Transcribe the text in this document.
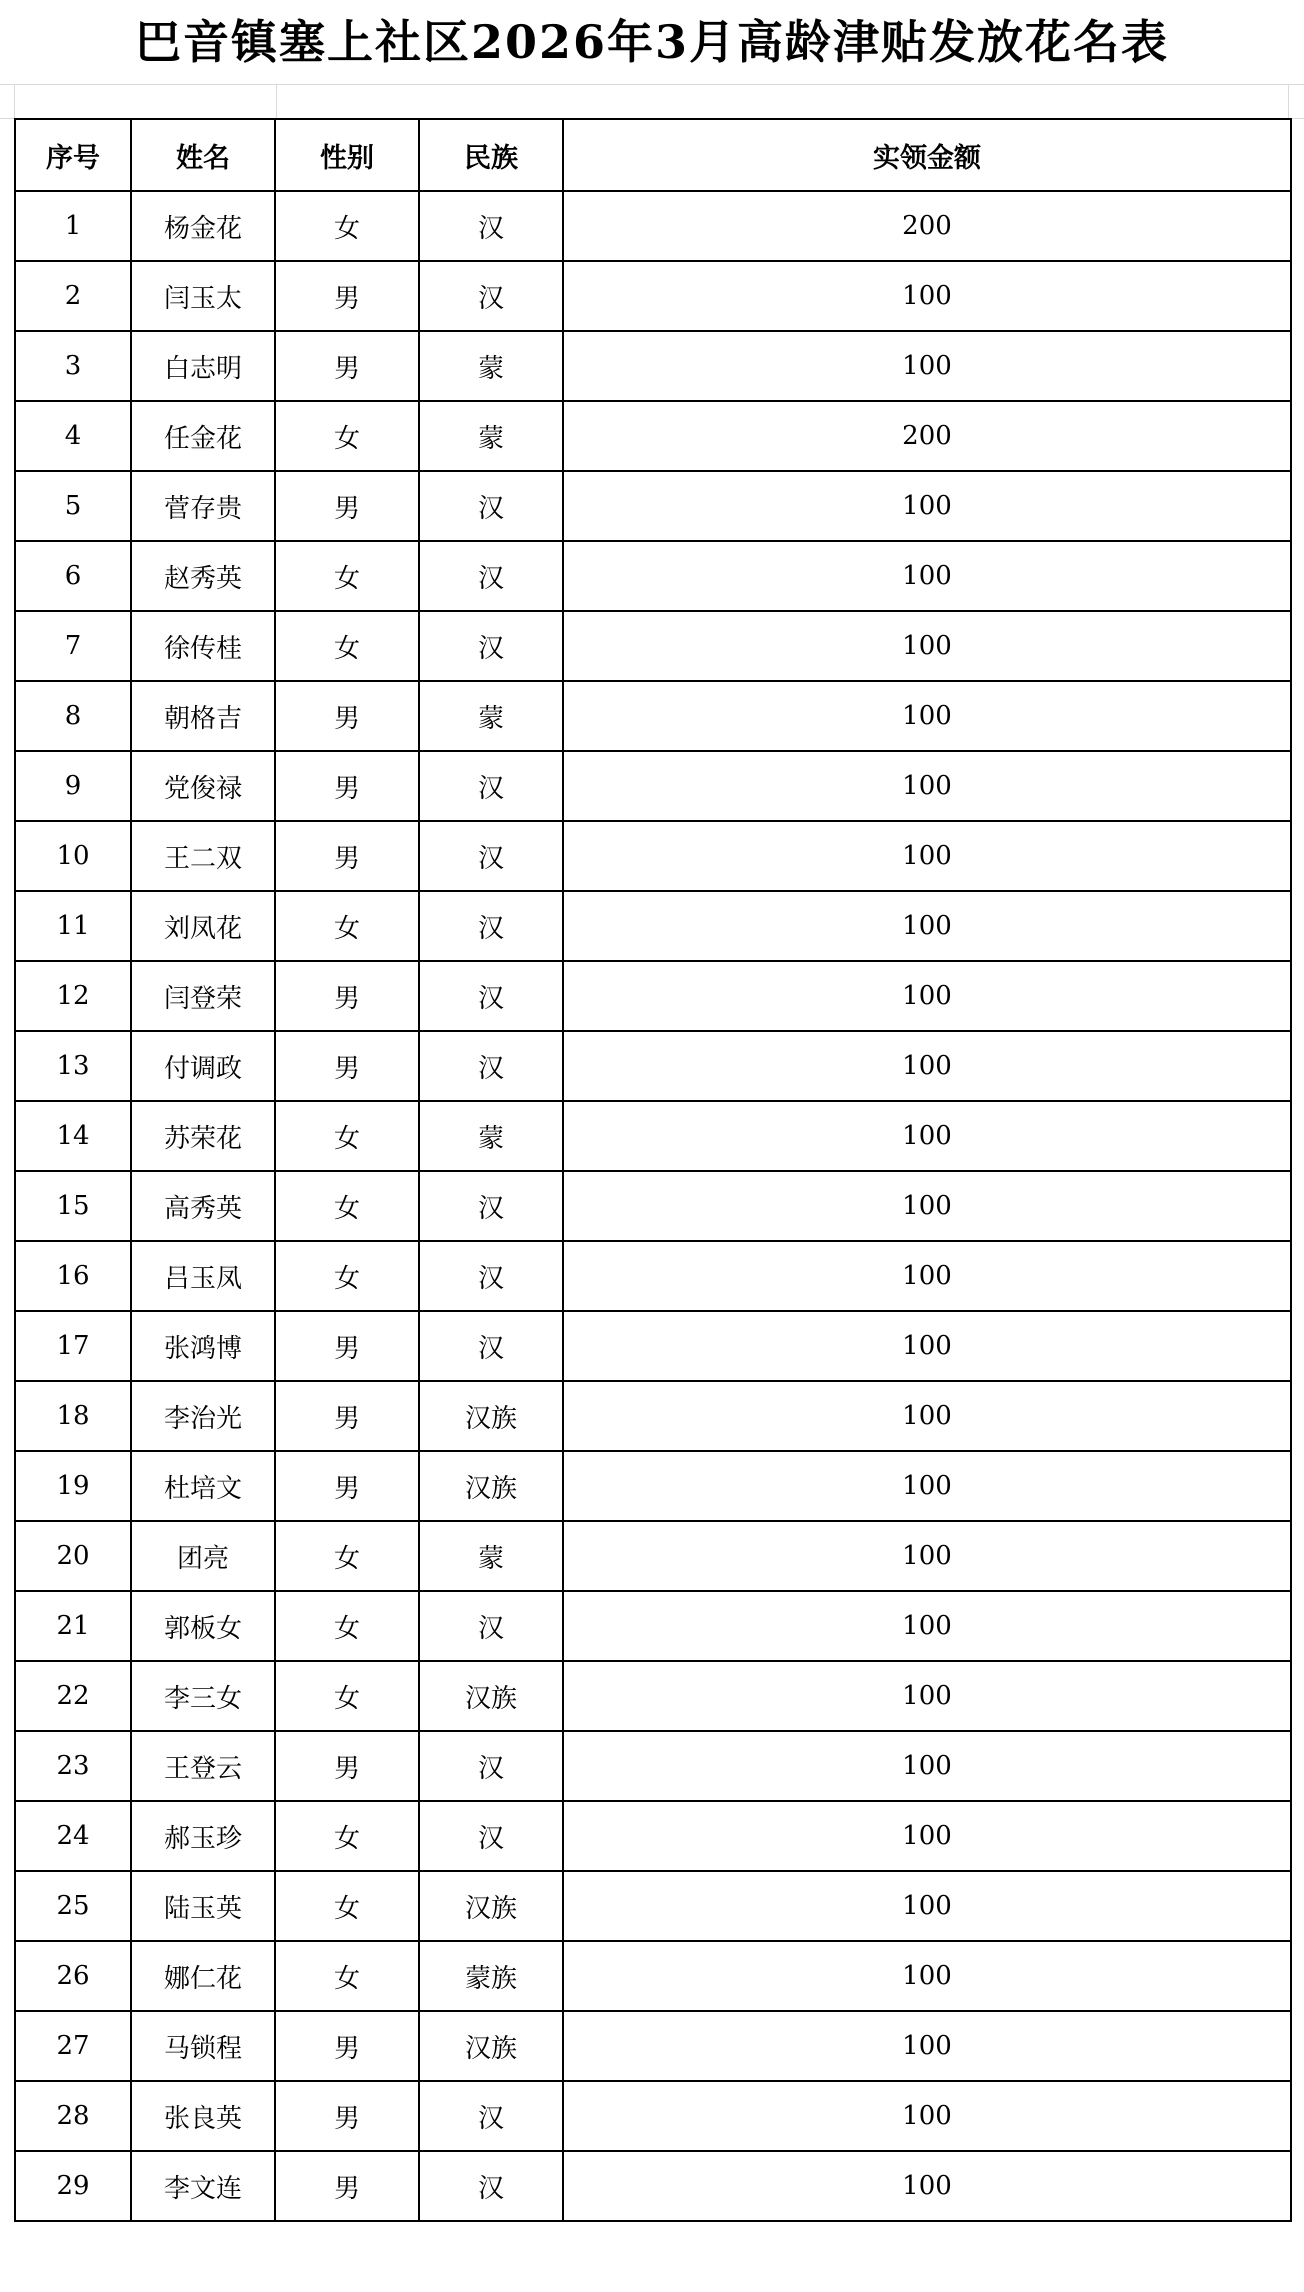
巴音镇塞上社区2026年3月高龄津贴发放花名表
序号	姓名	性别	民族	实领金额
1	杨金花	女	汉	200
2	闫玉太	男	汉	100
3	白志明	男	蒙	100
4	任金花	女	蒙	200
5	菅存贵	男	汉	100
6	赵秀英	女	汉	100
7	徐传桂	女	汉	100
8	朝格吉	男	蒙	100
9	党俊禄	男	汉	100
10	王二双	男	汉	100
11	刘凤花	女	汉	100
12	闫登荣	男	汉	100
13	付调政	男	汉	100
14	苏荣花	女	蒙	100
15	高秀英	女	汉	100
16	吕玉凤	女	汉	100
17	张鸿博	男	汉	100
18	李治光	男	汉族	100
19	杜培文	男	汉族	100
20	团亮	女	蒙	100
21	郭板女	女	汉	100
22	李三女	女	汉族	100
23	王登云	男	汉	100
24	郝玉珍	女	汉	100
25	陆玉英	女	汉族	100
26	娜仁花	女	蒙族	100
27	马锁程	男	汉族	100
28	张良英	男	汉	100
29	李文连	男	汉	100
